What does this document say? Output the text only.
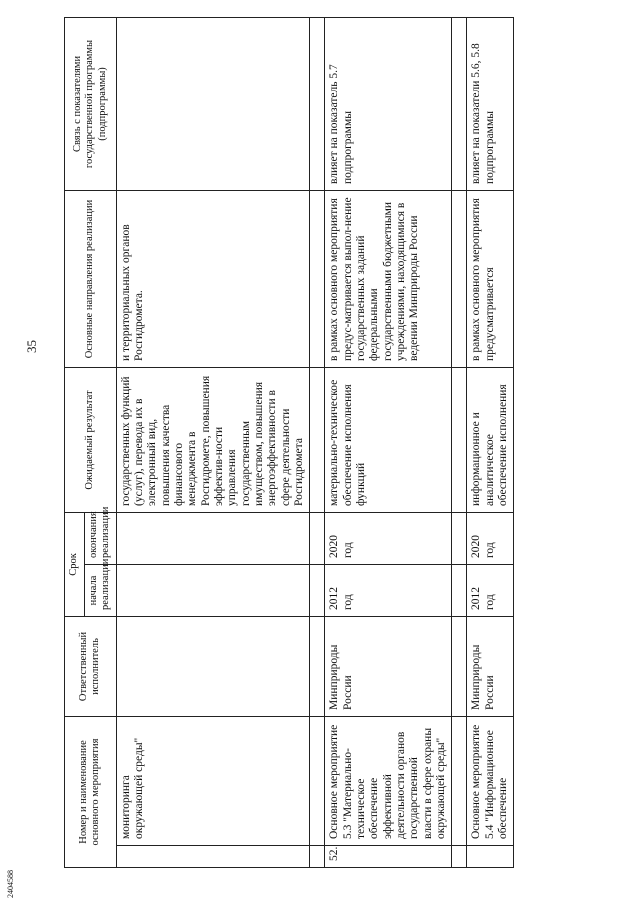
35
2404588
Номер и наименование основного мероприятия		Ответственный исполнитель	Срок		Ожидаемый результат	Основные направления реализации	Связь с показателями государственной программы (подпрограммы)
			начала реализации	окончания реализации			
	мониторинга окружающей среды"				государственных функций (услуг), перевода их в электронный вид, повышения качества финансового менеджмента в Росгидромете, повышения эффектив-ности управления государственным имуществом, повышения энергоэффективности в сфере деятельности Росгидромета	и территориальных органов Росгидромета.	

52.	Основное мероприятие 5.3 "Материально-техническое обеспечение эффективной деятельности органов государственной власти в сфере охраны окружающей среды"	Минприроды России	2012 год	2020 год	материально-техническое обеспечение исполнения функций	в рамках основного мероприятия предус-матривается выпол-нение государственных заданий федеральными государственными бюджетными учреждениями, находящимися в ведении Минприроды России	влияет на показатель 5.7 подпрограммы

	Основное мероприятие 5.4 "Информационное обеспечение	Минприроды России	2012 год	2020 год	информационное и аналитическое обеспечение исполнения	в рамках основного мероприятия предусматривается	влияет на показатели 5.6, 5.8 подпрограммы
